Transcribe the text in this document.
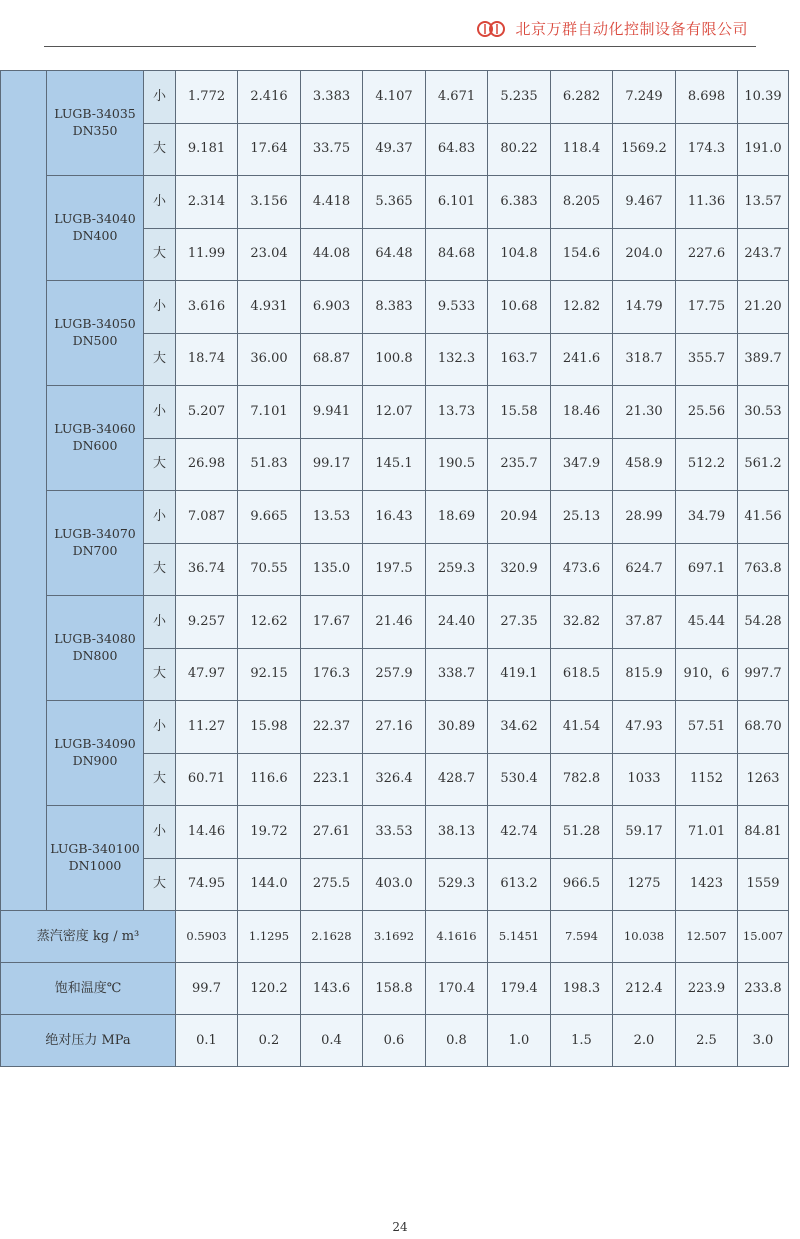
北京万群自动化控制设备有限公司

	LUGB-34035
DN350	小	1.772	2.416	3.383	4.107	4.671	5.235	6.282	7.249	8.698	10.39
		大	9.181	17.64	33.75	49.37	64.83	80.22	118.4	1569.2	174.3	191.0

	LUGB-34040
DN400	小	2.314	3.156	4.418	5.365	6.101	6.383	8.205	9.467	11.36	13.57
		大	11.99	23.04	44.08	64.48	84.68	104.8	154.6	204.0	227.6	243.7

	LUGB-34050
DN500	小	3.616	4.931	6.903	8.383	9.533	10.68	12.82	14.79	17.75	21.20
		大	18.74	36.00	68.87	100.8	132.3	163.7	241.6	318.7	355.7	389.7

	LUGB-34060
DN600	小	5.207	7.101	9.941	12.07	13.73	15.58	18.46	21.30	25.56	30.53
		大	26.98	51.83	99.17	145.1	190.5	235.7	347.9	458.9	512.2	561.2

	LUGB-34070
DN700	小	7.087	9.665	13.53	16.43	18.69	20.94	25.13	28.99	34.79	41.56
		大	36.74	70.55	135.0	197.5	259.3	320.9	473.6	624.7	697.1	763.8

	LUGB-34080
DN800	小	9.257	12.62	17.67	21.46	24.40	27.35	32.82	37.87	45.44	54.28
		大	47.97	92.15	176.3	257.9	338.7	419.1	618.5	815.9	910，6	997.7

	LUGB-34090
DN900	小	11.27	15.98	22.37	27.16	30.89	34.62	41.54	47.93	57.51	68.70
		大	60.71	116.6	223.1	326.4	428.7	530.4	782.8	1033	1152	1263

	LUGB-340100
DN1000	小	14.46	19.72	27.61	33.53	38.13	42.74	51.28	59.17	71.01	84.81
		大	74.95	144.0	275.5	403.0	529.3	613.2	966.5	1275	1423	1559
蒸汽密度 kg / m³			0.5903	1.1295	2.1628	3.1692	4.1616	5.1451	7.594	10.038	12.507	15.007
饱和温度℃			99.7	120.2	143.6	158.8	170.4	179.4	198.3	212.4	223.9	233.8
绝对压力 MPa			0.1	0.2	0.4	0.6	0.8	1.0	1.5	2.0	2.5	3.0
24
